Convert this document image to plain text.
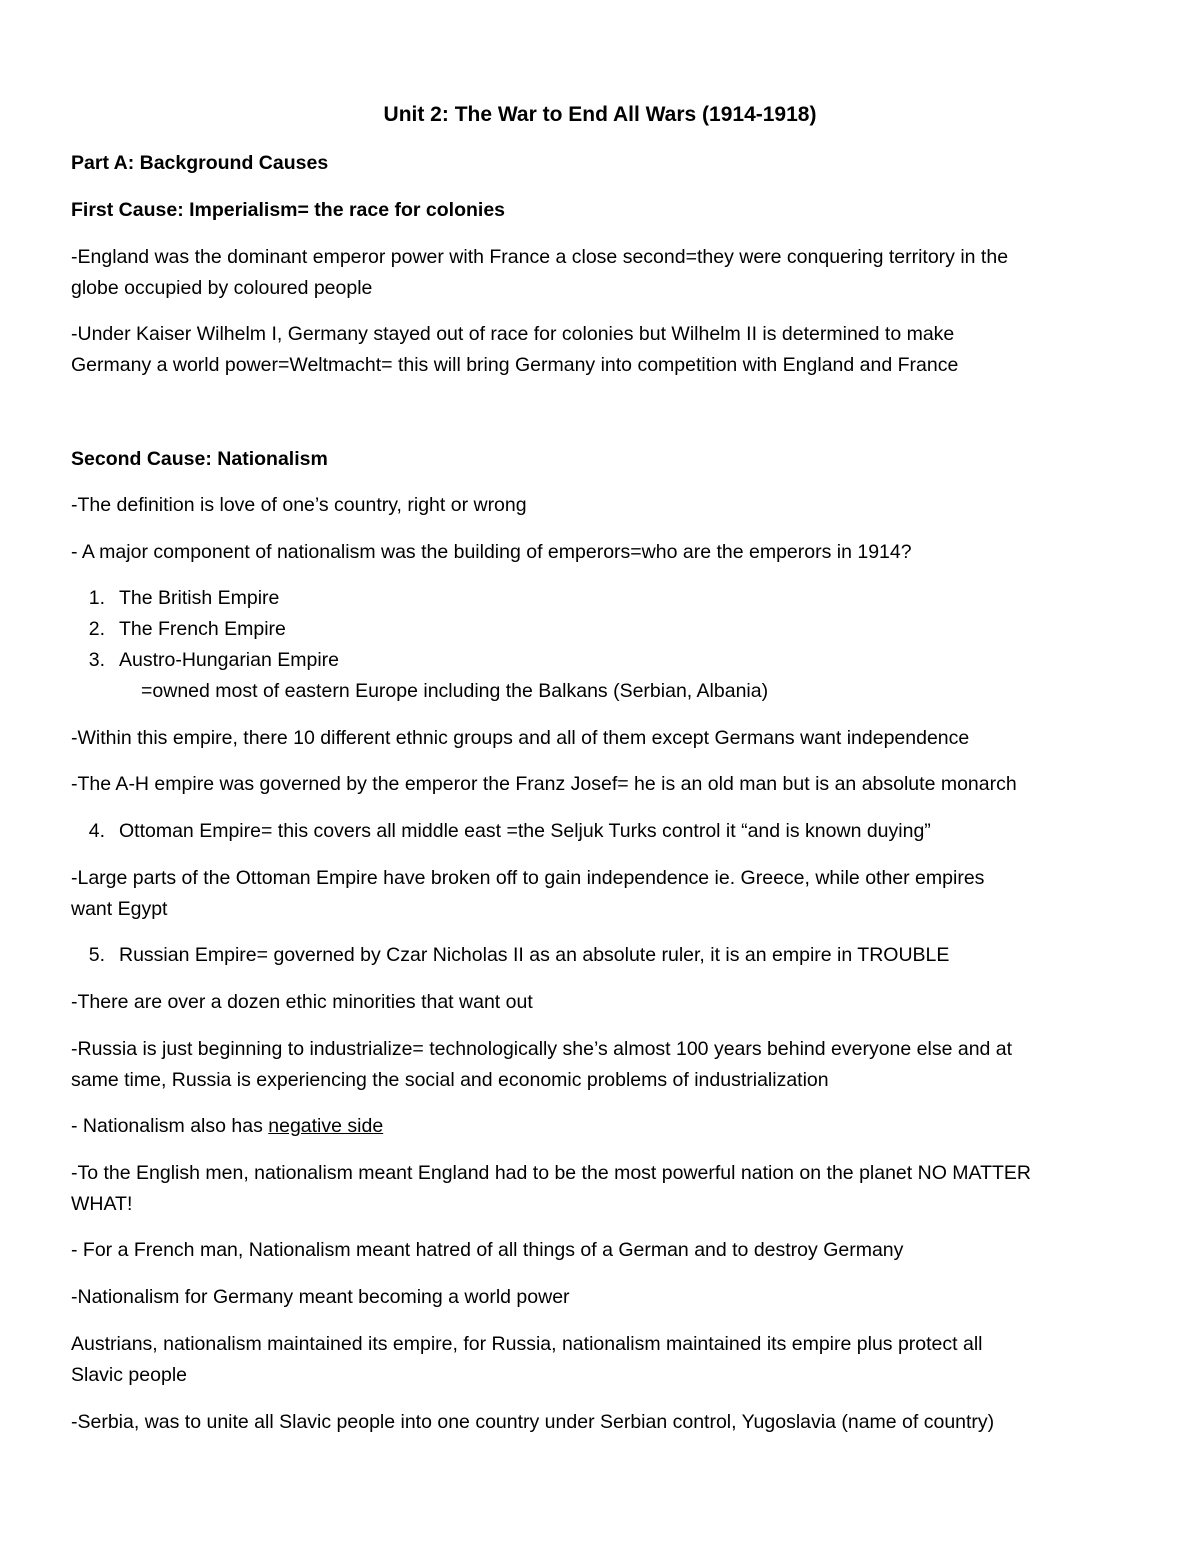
Unit 2: The War to End All Wars (1914-1918)
Part A: Background Causes
First Cause: Imperialism= the race for colonies
-England was the dominant emperor power with France a close second=they were conquering territory in the
globe occupied by coloured people
-Under Kaiser Wilhelm I, Germany stayed out of race for colonies but Wilhelm II is determined to make
Germany a world power=Weltmacht= this will bring Germany into competition with England and France
Second Cause: Nationalism
-The definition is love of one’s country, right or wrong
- A major component of nationalism was the building of emperors=who are the emperors in 1914?
1. The British Empire
2. The French Empire
3. Austro-Hungarian Empire
=owned most of eastern Europe including the Balkans (Serbian, Albania)
-Within this empire, there 10 different ethnic groups and all of them except Germans want independence
-The A-H empire was governed by the emperor the Franz Josef= he is an old man but is an absolute monarch
4. Ottoman Empire= this covers all middle east =the Seljuk Turks control it “and is known duying”
-Large parts of the Ottoman Empire have broken off to gain independence ie. Greece, while other empires
want Egypt
5. Russian Empire= governed by Czar Nicholas II as an absolute ruler, it is an empire in TROUBLE
-There are over a dozen ethic minorities that want out
-Russia is just beginning to industrialize= technologically she’s almost 100 years behind everyone else and at
same time, Russia is experiencing the social and economic problems of industrialization
- Nationalism also has negative side
-To the English men, nationalism meant England had to be the most powerful nation on the planet NO MATTER
WHAT!
- For a French man, Nationalism meant hatred of all things of a German and to destroy Germany
-Nationalism for Germany meant becoming a world power
Austrians, nationalism maintained its empire, for Russia, nationalism maintained its empire plus protect all
Slavic people
-Serbia, was to unite all Slavic people into one country under Serbian control, Yugoslavia (name of country)
